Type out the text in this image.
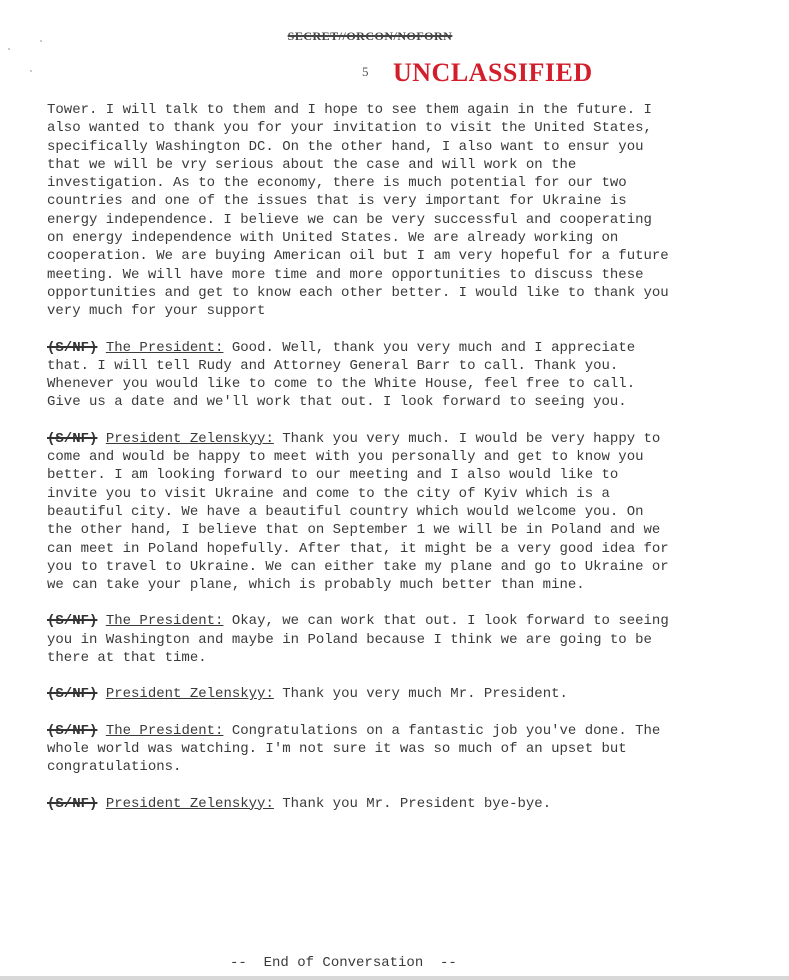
SECRET//ORCON/NOFORN
5 UNCLASSIFIED

Tower. I will talk to them and I hope to see them again in the future. I also wanted to thank you for your invitation to visit the United States, specifically Washington DC. On the other hand, I also want to ensur you that we will be vry serious about the case and will work on the investigation. As to the economy, there is much potential for our two countries and one of the issues that is very important for Ukraine is energy independence. I believe we can be very successful and cooperating on energy independence with United States. We are already working on cooperation. We are buying American oil but I am very hopeful for a future meeting. We will have more time and more opportunities to discuss these opportunities and get to know each other better. I would like to thank you very much for your support

(S/NF) The President: Good. Well, thank you very much and I appreciate that. I will tell Rudy and Attorney General Barr to call. Thank you. Whenever you would like to come to the White House, feel free to call. Give us a date and we'll work that out. I look forward to seeing you.

(S/NF) President Zelenskyy: Thank you very much. I would be very happy to come and would be happy to meet with you personally and get to know you better. I am looking forward to our meeting and I also would like to invite you to visit Ukraine and come to the city of Kyiv which is a beautiful city. We have a beautiful country which would welcome you. On the other hand, I believe that on September 1 we will be in Poland and we can meet in Poland hopefully. After that, it might be a very good idea for you to travel to Ukraine. We can either take my plane and go to Ukraine or we can take your plane, which is probably much better than mine.

(S/NF) The President: Okay, we can work that out. I look forward to seeing you in Washington and maybe in Poland because I think we are going to be there at that time.

(S/NF) President Zelenskyy: Thank you very much Mr. President.

(S/NF) The President: Congratulations on a fantastic job you've done. The whole world was watching. I'm not sure it was so much of an upset but congratulations.

(S/NF) President Zelenskyy: Thank you Mr. President bye-bye.

--  End of Conversation  --
